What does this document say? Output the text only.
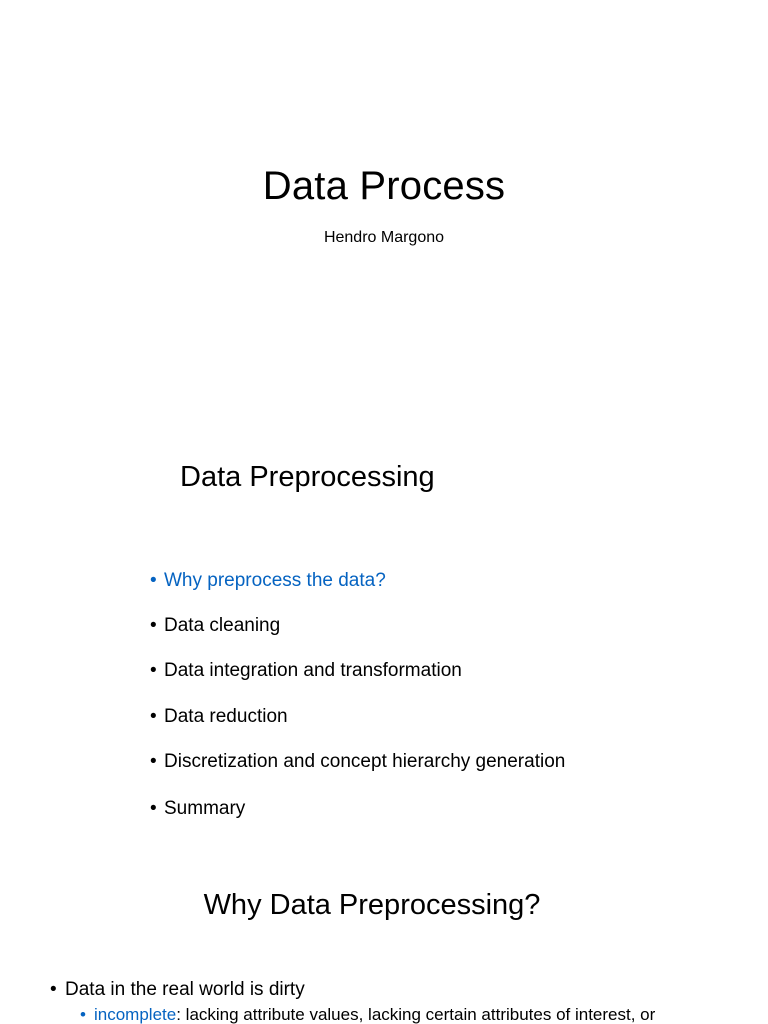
Data Process
Hendro Margono
Data Preprocessing
• Why preprocess the data?
• Data cleaning
• Data integration and transformation
• Data reduction
• Discretization and concept hierarchy generation
• Summary
Why Data Preprocessing?
• Data in the real world is dirty
• incomplete: lacking attribute values, lacking certain attributes of interest, or
